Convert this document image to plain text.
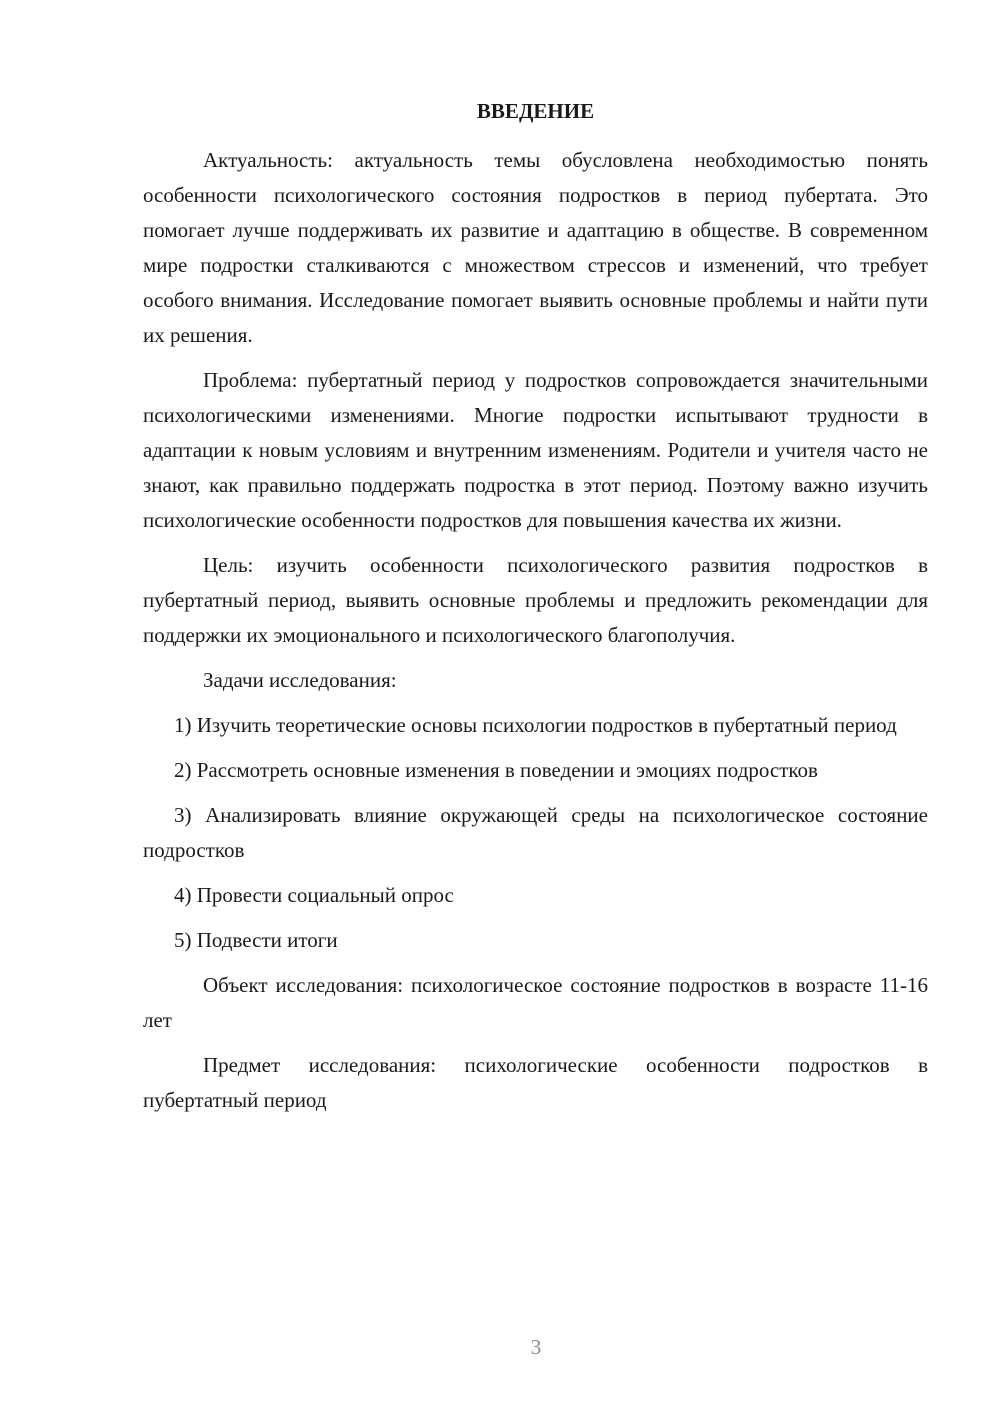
ВВЕДЕНИЕ

Актуальность: актуальность темы обусловлена необходимостью понять особенности психологического состояния подростков в период пубертата. Это помогает лучше поддерживать их развитие и адаптацию в обществе. В современном мире подростки сталкиваются с множеством стрессов и изменений, что требует особого внимания. Исследование помогает выявить основные проблемы и найти пути их решения.

Проблема: пубертатный период у подростков сопровождается значительными психологическими изменениями. Многие подростки испытывают трудности в адаптации к новым условиям и внутренним изменениям. Родители и учителя часто не знают, как правильно поддержать подростка в этот период. Поэтому важно изучить психологические особенности подростков для повышения качества их жизни.

Цель: изучить особенности психологического развития подростков в пубертатный период, выявить основные проблемы и предложить рекомендации для поддержки их эмоционального и психологического благополучия.

Задачи исследования:

1) Изучить теоретические основы психологии подростков в пубертатный период

2) Рассмотреть основные изменения в поведении и эмоциях подростков

3) Анализировать влияние окружающей среды на психологическое состояние подростков

4) Провести социальный опрос

5) Подвести итоги

Объект исследования: психологическое состояние подростков в возрасте 11-16 лет

Предмет исследования: психологические особенности подростков в пубертатный период

3
